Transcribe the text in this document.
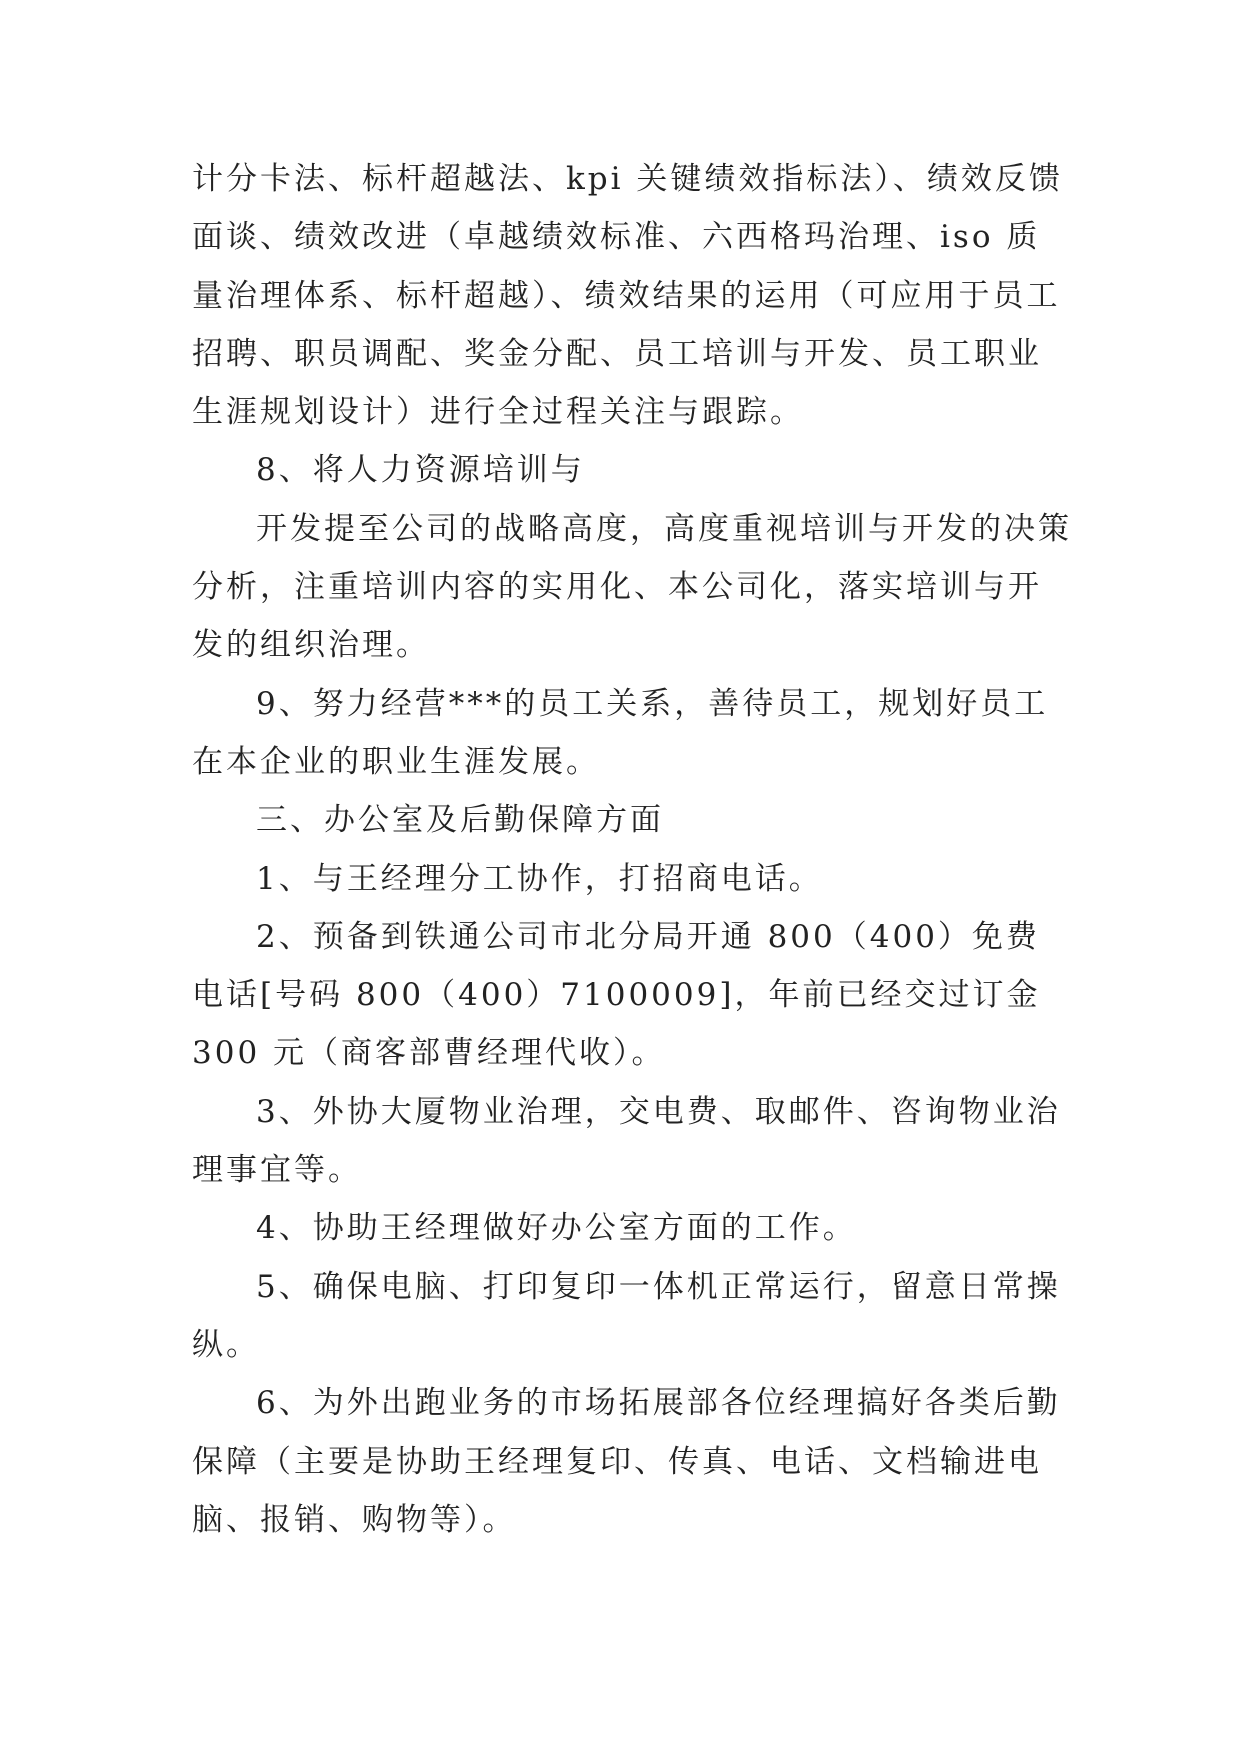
计分卡法、标杆超越法、kpi 关键绩效指标法）、绩效反馈面谈、绩效改进（卓越绩效标准、六西格玛治理、iso 质量治理体系、标杆超越）、绩效结果的运用（可应用于员工招聘、职员调配、奖金分配、员工培训与开发、员工职业生涯规划设计）进行全过程关注与跟踪。

8、将人力资源培训与

开发提至公司的战略高度，高度重视培训与开发的决策分析，注重培训内容的实用化、本公司化，落实培训与开发的组织治理。

9、努力经营***的员工关系，善待员工，规划好员工在本企业的职业生涯发展。

三、办公室及后勤保障方面

1、与王经理分工协作，打招商电话。

2、预备到铁通公司市北分局开通 800（400）免费电话[号码 800（400）7100009]，年前已经交过订金 300 元（商客部曹经理代收）。

3、外协大厦物业治理，交电费、取邮件、咨询物业治理事宜等。

4、协助王经理做好办公室方面的工作。

5、确保电脑、打印复印一体机正常运行，留意日常操纵。

6、为外出跑业务的市场拓展部各位经理搞好各类后勤保障（主要是协助王经理复印、传真、电话、文档输进电脑、报销、购物等）。
